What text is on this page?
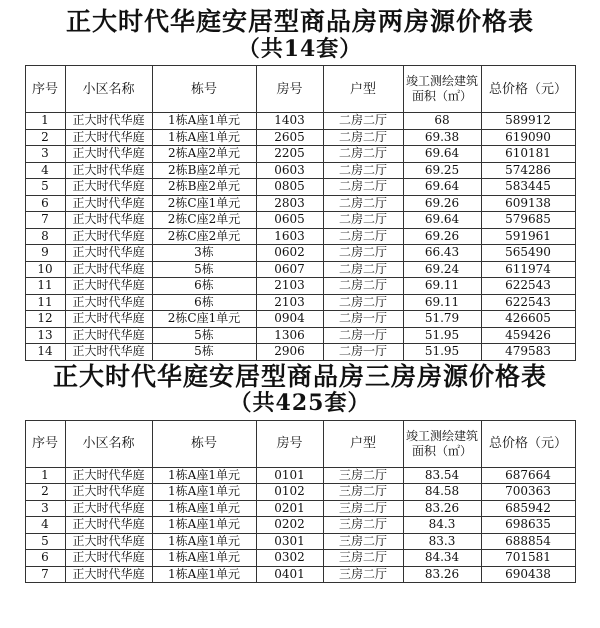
正大时代华庭安居型商品房两房源价格表
（共14套）
序号	小区名称	栋号	房号	户型	竣工测绘建筑面积（㎡）	总价格（元）
1	正大时代华庭	1栋A座1单元	1403	二房二厅	68	589912
2	正大时代华庭	1栋A座1单元	2605	二房二厅	69.38	619090
3	正大时代华庭	2栋A座2单元	2205	二房二厅	69.64	610181
4	正大时代华庭	2栋B座2单元	0603	二房二厅	69.25	574286
5	正大时代华庭	2栋B座2单元	0805	二房二厅	69.64	583445
6	正大时代华庭	2栋C座1单元	2803	二房二厅	69.26	609138
7	正大时代华庭	2栋C座2单元	0605	二房二厅	69.64	579685
8	正大时代华庭	2栋C座2单元	1603	二房二厅	69.26	591961
9	正大时代华庭	3栋	0602	二房二厅	66.43	565490
10	正大时代华庭	5栋	0607	二房二厅	69.24	611974
11	正大时代华庭	6栋	2103	二房二厅	69.11	622543
11	正大时代华庭	6栋	2103	二房二厅	69.11	622543
12	正大时代华庭	2栋C座1单元	0904	二房一厅	51.79	426605
13	正大时代华庭	5栋	1306	二房一厅	51.95	459426
14	正大时代华庭	5栋	2906	二房一厅	51.95	479583
正大时代华庭安居型商品房三房房源价格表
（共425套）
序号	小区名称	栋号	房号	户型	竣工测绘建筑面积（㎡）	总价格（元）
1	正大时代华庭	1栋A座1单元	0101	三房二厅	83.54	687664
2	正大时代华庭	1栋A座1单元	0102	三房二厅	84.58	700363
3	正大时代华庭	1栋A座1单元	0201	三房二厅	83.26	685942
4	正大时代华庭	1栋A座1单元	0202	三房二厅	84.3	698635
5	正大时代华庭	1栋A座1单元	0301	三房二厅	83.3	688854
6	正大时代华庭	1栋A座1单元	0302	三房二厅	84.34	701581
7	正大时代华庭	1栋A座1单元	0401	三房二厅	83.26	690438
